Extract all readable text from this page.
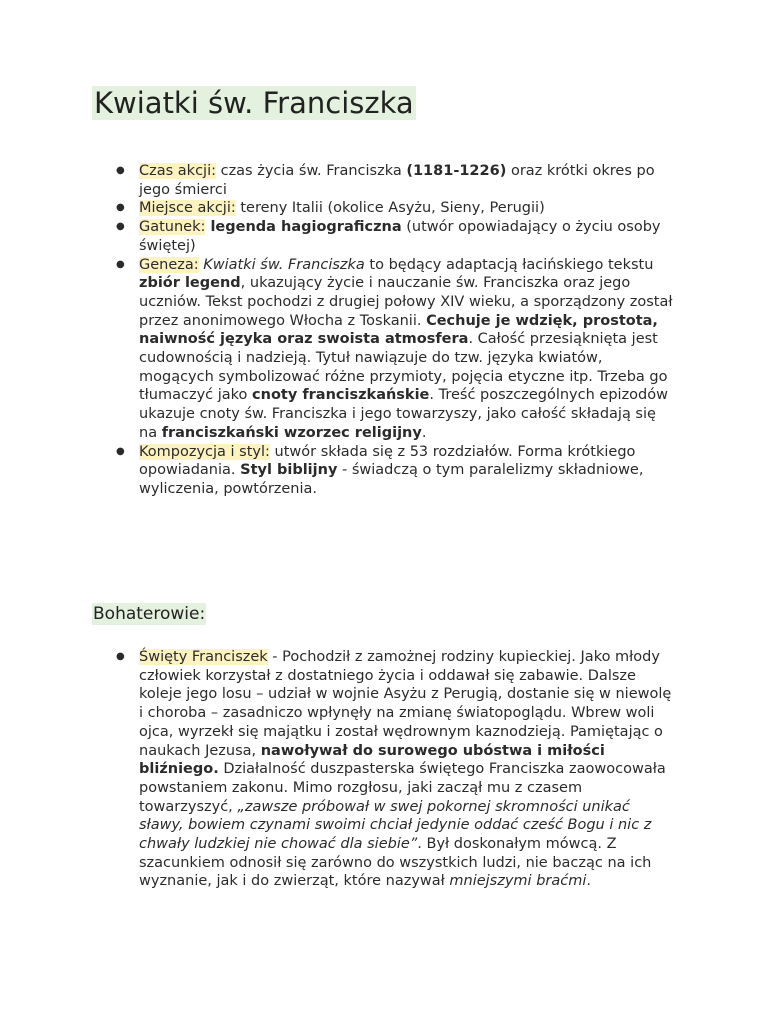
Kwiatki św. Franciszka
● Czas akcji: czas życia św. Franciszka (1181-1226) oraz krótki okres po jego śmierci
● Miejsce akcji: tereny Italii (okolice Asyżu, Sieny, Perugii)
● Gatunek: legenda hagiograficzna (utwór opowiadający o życiu osoby świętej)
● Geneza: Kwiatki św. Franciszka to będący adaptacją łacińskiego tekstu zbiór legend, ukazujący życie i nauczanie św. Franciszka oraz jego uczniów. Tekst pochodzi z drugiej połowy XIV wieku, a sporządzony został przez anonimowego Włocha z Toskanii. Cechuje je wdzięk, prostota, naiwność języka oraz swoista atmosfera. Całość przesiąknięta jest cudownością i nadzieją. Tytuł nawiązuje do tzw. języka kwiatów, mogących symbolizować różne przymioty, pojęcia etyczne itp. Trzeba go tłumaczyć jako cnoty franciszkańskie. Treść poszczególnych epizodów ukazuje cnoty św. Franciszka i jego towarzyszy, jako całość składają się na franciszkański wzorzec religijny.
● Kompozycja i styl: utwór składa się z 53 rozdziałów. Forma krótkiego opowiadania. Styl biblijny - świadczą o tym paralelizmy składniowe, wyliczenia, powtórzenia.
Bohaterowie:
● Święty Franciszek - Pochodził z zamożnej rodziny kupieckiej. Jako młody człowiek korzystał z dostatniego życia i oddawał się zabawie. Dalsze koleje jego losu – udział w wojnie Asyżu z Perugią, dostanie się w niewolę i choroba – zasadniczo wpłynęły na zmianę światopoglądu. Wbrew woli ojca, wyrzekł się majątku i został wędrownym kaznodzieją. Pamiętając o naukach Jezusa, nawoływał do surowego ubóstwa i miłości bliźniego. Działalność duszpasterska świętego Franciszka zaowocowała powstaniem zakonu. Mimo rozgłosu, jaki zaczął mu z czasem towarzyszyć, „zawsze próbował w swej pokornej skromności unikać sławy, bowiem czynami swoimi chciał jedynie oddać cześć Bogu i nic z chwały ludzkiej nie chować dla siebie”. Był doskonałym mówcą. Z szacunkiem odnosił się zarówno do wszystkich ludzi, nie bacząc na ich wyznanie, jak i do zwierząt, które nazywał mniejszymi braćmi.
